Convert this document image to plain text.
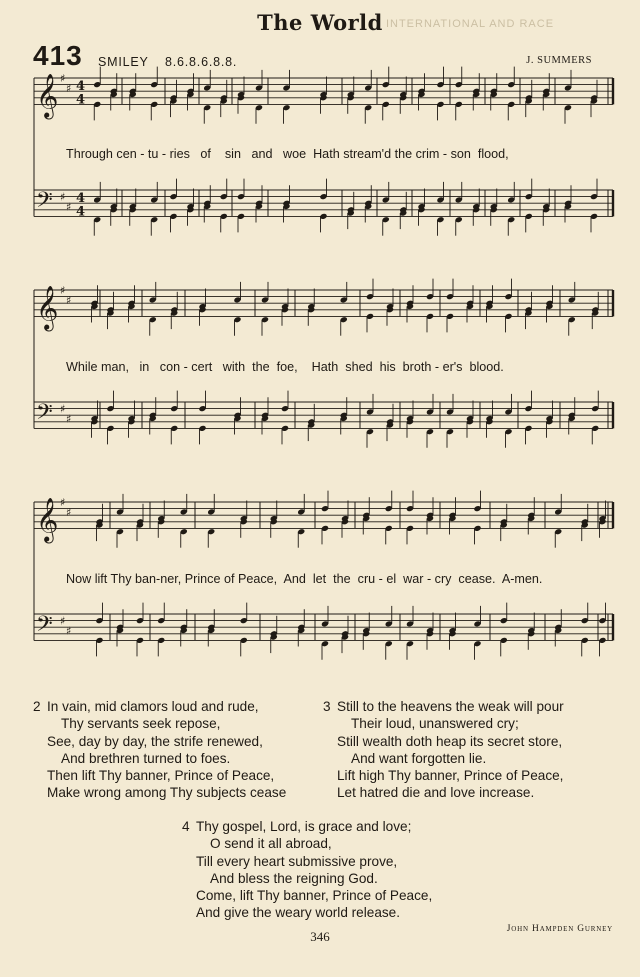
INTERNATIONAL AND RACE
The World
413 SMILEY 8.6.8.6.8.8.	J. SUMMERS
𝄞 ♯
♯ 4
4
𝄢 ♯
♯
4
4
𝄞 ♯
♯
𝄢 ♯
♯
𝄞 ♯
♯
𝄢 ♯
♯
Through cen - tu - ries   of    sin   and   woe  Hath stream'd the crim - son  flood,
While man,   in   con - cert   with  the  foe,    Hath  shed  his  broth - er's  blood.
Now lift Thy ban-ner, Prince of Peace,  And  let  the  cru - el  war - cry  cease.  A-men.
2 In vain, mid clamors loud and rude,
Thy servants seek repose,
See, day by day, the strife renewed,
And brethren turned to foes.
Then lift Thy banner, Prince of Peace,
Make wrong among Thy subjects cease
3 Still to the heavens the weak will pour
Their loud, unanswered cry;
Still wealth doth heap its secret store,
And want forgotten lie.
Lift high Thy banner, Prince of Peace,
Let hatred die and love increase.
4 Thy gospel, Lord, is grace and love;
O send it all abroad,
Till every heart submissive prove,
And bless the reigning God.
Come, lift Thy banner, Prince of Peace,
And give the weary world release.
John Hampden Gurney
346
